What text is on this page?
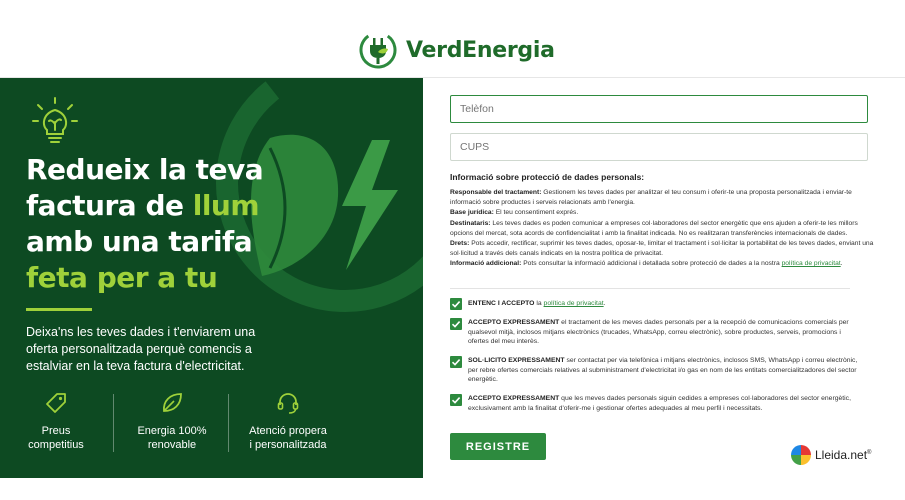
VerdEnergia
Redueix la teva
factura de llum
amb una tarifa
feta per a tu
Deixa'ns les teves dades i t'enviarem una oferta personalitzada perquè comencis a estalviar en la teva factura d'electricitat.
Preus
competitius
Energia 100%
renovable
Atenció propera
i personalitzada
Telèfon
CUPS
Informació sobre protecció de dades personals:
Responsable del tractament: Gestionem les teves dades per analitzar el teu consum i oferir-te una proposta personalitzada i enviar-te informació sobre productes i serveis relacionats amb l'energia.
Base jurídica: El teu consentiment exprés.
Destinataris: Les teves dades es poden comunicar a empreses col·laboradores del sector energètic que ens ajuden a oferir-te les millors opcions del mercat, sota acords de confidencialitat i amb la finalitat indicada. No es realitzaran transferències internacionals de dades.
Drets: Pots accedir, rectificar, suprimir les teves dades, oposar-te, limitar el tractament i sol·licitar la portabilitat de les teves dades, enviant una sol·licitud a través dels canals indicats en la nostra política de privacitat.
Informació addicional: Pots consultar la informació addicional i detallada sobre protecció de dades a la nostra política de privacitat.
ENTENC I ACCEPTO la política de privacitat.
ACCEPTO EXPRESSAMENT el tractament de les meves dades personals per a la recepció de comunicacions comercials per qualsevol mitjà, inclosos mitjans electrònics (trucades, WhatsApp, correu electrònic), sobre productes, serveis, promocions i ofertes del meu interès.
SOL·LICITO EXPRESSAMENT ser contactat per via telefònica i mitjans electrònics, inclosos SMS, WhatsApp i correu electrònic, per rebre ofertes comercials relatives al subministrament d'electricitat i/o gas en nom de les entitats comercialitzadores del sector energètic.
ACCEPTO EXPRESSAMENT que les meves dades personals siguin cedides a empreses col·laboradores del sector energètic, exclusivament amb la finalitat d'oferir-me i gestionar ofertes adequades al meu perfil i necessitats.
REGISTRE
Lleida.net®
